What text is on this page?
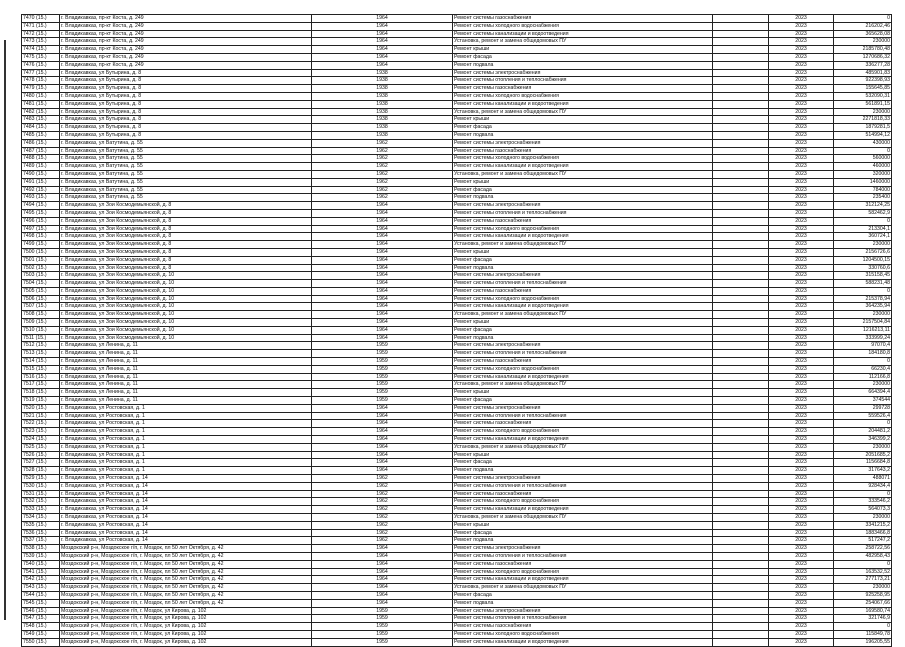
7470 (15.)	г. Владикавказ, пр-кт Коста, д. 249	1964	Ремонт системы газоснабжения		2023	0
7471 (15.)	г. Владикавказ, пр-кт Коста, д. 249	1964	Ремонт системы холодного водоснабжения		2023	216202,46
7472 (15.)	г. Владикавказ, пр-кт Коста, д. 249	1964	Ремонт системы канализации и водоотведения		2023	365628,08
7473 (15.)	г. Владикавказ, пр-кт Коста, д. 249	1964	Установка, ремонт и замена общедомовых ПУ		2023	230000
7474 (15.)	г. Владикавказ, пр-кт Коста, д. 249	1964	Ремонт крыши		2023	2185780,48
7475 (15.)	г. Владикавказ, пр-кт Коста, д. 249	1964	Ремонт фасада		2023	1270686,32
7476 (15.)	г. Владикавказ, пр-кт Коста, д. 249	1964	Ремонт подвала		2023	336277,28
7477 (15.)	г. Владикавказ, ул Бутырина, д. 8	1938	Ремонт системы электроснабжения		2023	485901,83
7478 (15.)	г. Владикавказ, ул Бутырина, д. 8	1938	Ремонт системы отопления и теплоснабжения		2023	922398,93
7479 (15.)	г. Владикавказ, ул Бутырина, д. 8	1938	Ремонт системы газоснабжения		2023	155645,85
7480 (15.)	г. Владикавказ, ул Бутырина, д. 8	1938	Ремонт системы холодного водоснабжения		2023	532090,31
7481 (15.)	г. Владикавказ, ул Бутырина, д. 8	1938	Ремонт системы канализации и водоотведения		2023	561891,15
7482 (15.)	г. Владикавказ, ул Бутырина, д. 8	1938	Установка, ремонт и замена общедомовых ПУ		2023	230000
7483 (15.)	г. Владикавказ, ул Бутырина, д. 8	1938	Ремонт крыши		2023	2271818,33
7484 (15.)	г. Владикавказ, ул Бутырина, д. 8	1938	Ремонт фасада		2023	1879281,5
7485 (15.)	г. Владикавказ, ул Бутырина, д. 8	1938	Ремонт подвала		2023	514994,12
7486 (15.)	г. Владикавказ, ул Ватутина, д. 55	1962	Ремонт системы электроснабжения		2023	430000
7487 (15.)	г. Владикавказ, ул Ватутина, д. 55	1962	Ремонт системы газоснабжения		2023	0
7488 (15.)	г. Владикавказ, ул Ватутина, д. 55	1962	Ремонт системы холодного водоснабжения		2023	560000
7489 (15.)	г. Владикавказ, ул Ватутина, д. 55	1962	Ремонт системы канализации и водоотведения		2023	460000
7490 (15.)	г. Владикавказ, ул Ватутина, д. 55	1962	Установка, ремонт и замена общедомовых ПУ		2023	320000
7491 (15.)	г. Владикавказ, ул Ватутина, д. 55	1962	Ремонт крыши		2023	1460000
7492 (15.)	г. Владикавказ, ул Ватутина, д. 55	1962	Ремонт фасада		2023	784000
7493 (15.)	г. Владикавказ, ул Ватутина, д. 55	1962	Ремонт подвала		2023	235400
7494 (15.)	г. Владикавказ, ул Зои Космодемьянской, д. 8	1964	Ремонт системы электроснабжения		2023	312124,25
7495 (15.)	г. Владикавказ, ул Зои Космодемьянской, д. 8	1964	Ремонт системы отопления и теплоснабжения		2023	582462,9
7496 (15.)	г. Владикавказ, ул Зои Космодемьянской, д. 8	1964	Ремонт системы газоснабжения		2023	0
7497 (15.)	г. Владикавказ, ул Зои Космодемьянской, д. 8	1964	Ремонт системы холодного водоснабжения		2023	213304,1
7498 (15.)	г. Владикавказ, ул Зои Космодемьянской, д. 8	1964	Ремонт системы канализации и водоотведения		2023	360724,1
7499 (15.)	г. Владикавказ, ул Зои Космодемьянской, д. 8	1964	Установка, ремонт и замена общедомовых ПУ		2023	230000
7500 (15.)	г. Владикавказ, ул Зои Космодемьянской, д. 8	1964	Ремонт крыши		2023	2156726,6
7501 (15.)	г. Владикавказ, ул Зои Космодемьянской, д. 8	1964	Ремонт фасада		2023	1204500,15
7502 (15.)	г. Владикавказ, ул Зои Космодемьянской, д. 8	1964	Ремонт подвала		2023	330760,6
7503 (15.)	г. Владикавказ, ул Зои Космодемьянской, д. 10	1964	Ремонт системы электроснабжения		2023	315158,45
7504 (15.)	г. Владикавказ, ул Зои Космодемьянской, д. 10	1964	Ремонт системы отопления и теплоснабжения		2023	588231,48
7505 (15.)	г. Владикавказ, ул Зои Космодемьянской, д. 10	1964	Ремонт системы газоснабжения		2023	0
7506 (15.)	г. Владикавказ, ул Зои Космодемьянской, д. 10	1964	Ремонт системы холодного водоснабжения		2023	215378,94
7507 (15.)	г. Владикавказ, ул Зои Космодемьянской, д. 10	1964	Ремонт системы канализации и водоотведения		2023	364235,94
7508 (15.)	г. Владикавказ, ул Зои Космодемьянской, д. 10	1964	Установка, ремонт и замена общедомовых ПУ		2023	230000
7509 (15.)	г. Владикавказ, ул Зои Космодемьянской, д. 10	1964	Ремонт крыши		2023	2157504,84
7510 (15.)	г. Владикавказ, ул Зои Космодемьянской, д. 10	1964	Ремонт фасада		2023	1216213,11
7511 (15.)	г. Владикавказ, ул Зои Космодемьянской, д. 10	1964	Ремонт подвала		2023	333999,24
7512 (15.)	г. Владикавказ, ул Ленина, д. 11	1959	Ремонт системы электроснабжения		2023	97070,4
7513 (15.)	г. Владикавказ, ул Ленина, д. 11	1959	Ремонт системы отопления и теплоснабжения		2023	184180,8
7514 (15.)	г. Владикавказ, ул Ленина, д. 11	1959	Ремонт системы газоснабжения		2023	0
7515 (15.)	г. Владикавказ, ул Ленина, д. 11	1959	Ремонт системы холодного водоснабжения		2023	66230,4
7516 (15.)	г. Владикавказ, ул Ленина, д. 11	1959	Ремонт системы канализации и водоотведения		2023	112166,8
7517 (15.)	г. Владикавказ, ул Ленина, д. 11	1959	Установка, ремонт и замена общедомовых ПУ		2023	230000
7518 (15.)	г. Владикавказ, ул Ленина, д. 11	1959	Ремонт крыши		2023	664394,4
7519 (15.)	г. Владикавказ, ул Ленина, д. 11	1959	Ремонт фасада		2023	374544
7520 (15.)	г. Владикавказ, ул Ростовская, д. 1	1964	Ремонт системы электроснабжения		2023	299728
7521 (15.)	г. Владикавказ, ул Ростовская, д. 1	1964	Ремонт системы отопления и теплоснабжения		2023	559526,4
7522 (15.)	г. Владикавказ, ул Ростовская, д. 1	1964	Ремонт системы газоснабжения		2023	0
7523 (15.)	г. Владикавказ, ул Ростовская, д. 1	1964	Ремонт системы холодного водоснабжения		2023	204481,2
7524 (15.)	г. Владикавказ, ул Ростовская, д. 1	1964	Ремонт системы канализации и водоотведения		2023	346399,2
7525 (15.)	г. Владикавказ, ул Ростовская, д. 1	1964	Установка, ремонт и замена общедомовых ПУ		2023	230000
7526 (15.)	г. Владикавказ, ул Ростовская, д. 1	1964	Ремонт крыши		2023	2051685,2
7527 (15.)	г. Владикавказ, ул Ростовская, д. 1	1964	Ремонт фасада		2023	1156684,8
7528 (15.)	г. Владикавказ, ул Ростовская, д. 1	1964	Ремонт подвала		2023	317643,2
7529 (15.)	г. Владикавказ, ул Ростовская, д. 14	1962	Ремонт системы электроснабжения		2023	488071
7530 (15.)	г. Владикавказ, ул Ростовская, д. 14	1962	Ремонт системы отопления и теплоснабжения		2023	928434,4
7531 (15.)	г. Владикавказ, ул Ростовская, д. 14	1962	Ремонт системы газоснабжения		2023	0
7532 (15.)	г. Владикавказ, ул Ростовская, д. 14	1962	Ремонт системы холодного водоснабжения		2023	333546,2
7533 (15.)	г. Владикавказ, ул Ростовская, д. 14	1962	Ремонт системы канализации и водоотведения		2023	564073,3
7534 (15.)	г. Владикавказ, ул Ростовская, д. 14	1962	Установка, ремонт и замена общедомовых ПУ		2023	230000
7535 (15.)	г. Владикавказ, ул Ростовская, д. 14	1962	Ремонт крыши		2023	3341215,2
7536 (15.)	г. Владикавказ, ул Ростовская, д. 14	1962	Ремонт фасада		2023	1883466,8
7537 (15.)	г. Владикавказ, ул Ростовская, д. 14	1962	Ремонт подвала		2023	517247,2
7538 (15.)	Моздокский р-н, Моздокское г/п, г. Моздок, пл 50 лет Октября, д. 42	1964	Ремонт системы электроснабжения		2023	258722,56
7539 (15.)	Моздокский р-н, Моздокское г/п, г. Моздок, пл 50 лет Октября, д. 42	1964	Ремонт системы отопления и теплоснабжения		2023	482958,43
7540 (15.)	Моздокский р-н, Моздокское г/п, г. Моздок, пл 50 лет Октября, д. 42	1964	Ремонт системы газоснабжения		2023	0
7541 (15.)	Моздокский р-н, Моздокское г/п, г. Моздок, пл 50 лет Октября, д. 42	1964	Ремонт системы холодного водоснабжения		2023	163532,52
7542 (15.)	Моздокский р-н, Моздокское г/п, г. Моздок, пл 50 лет Октября, д. 42	1964	Ремонт системы канализации и водоотведения		2023	277173,21
7543 (15.)	Моздокский р-н, Моздокское г/п, г. Моздок, пл 50 лет Октября, д. 42	1964	Установка, ремонт и замена общедомовых ПУ		2023	230000
7544 (15.)	Моздокский р-н, Моздокское г/п, г. Моздок, пл 50 лет Октября, д. 42	1964	Ремонт фасада		2023	925258,95
7545 (15.)	Моздокский р-н, Моздокское г/п, г. Моздок, пл 50 лет Октября, д. 42	1964	Ремонт подвала		2023	254067,66
7546 (15.)	Моздокский р-н, Моздокское г/п, г. Моздок, ул Кирова, д. 102	1959	Ремонт системы электроснабжения		2023	169580,74
7547 (15.)	Моздокский р-н, Моздокское г/п, г. Моздок, ул Кирова, д. 102	1959	Ремонт системы отопления и теплоснабжения		2023	321746,9
7548 (15.)	Моздокский р-н, Моздокское г/п, г. Моздок, ул Кирова, д. 102	1959	Ремонт системы газоснабжения		2023	0
7549 (15.)	Моздокский р-н, Моздокское г/п, г. Моздок, ул Кирова, д. 102	1959	Ремонт системы холодного водоснабжения		2023	115849,78
7550 (15.)	Моздокский р-н, Моздокское г/п, г. Моздок, ул Кирова, д. 102	1959	Ремонт системы канализации и водоотведения		2023	196205,55
